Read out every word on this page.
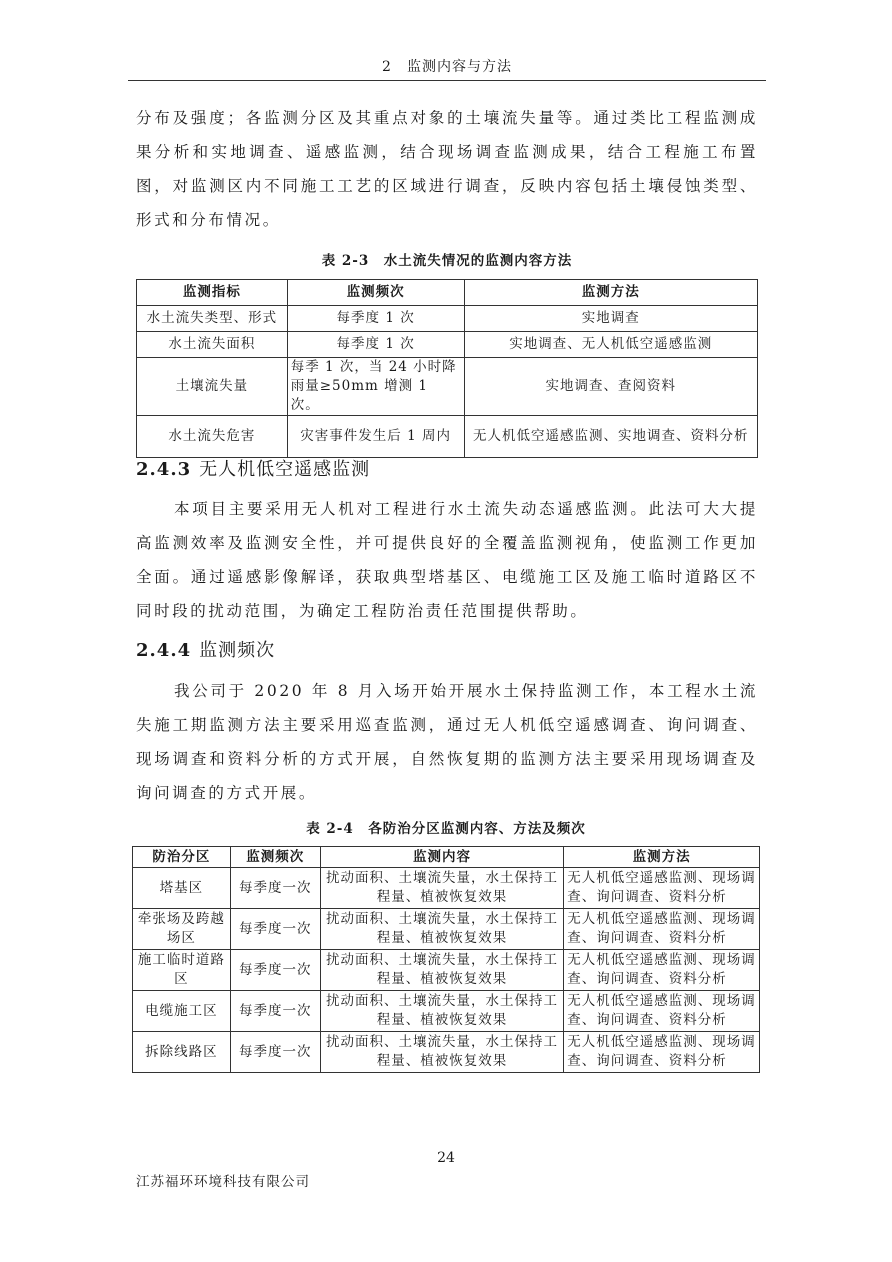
2　监测内容与方法

分布及强度；各监测分区及其重点对象的土壤流失量等。通过类比工程监测成果分析和实地调查、遥感监测，结合现场调查监测成果，结合工程施工布置图，对监测区内不同施工工艺的区域进行调查，反映内容包括土壤侵蚀类型、形式和分布情况。

表 2-3　水土流失情况的监测内容方法
监测指标	监测频次	监测方法
水土流失类型、形式	每季度 1 次	实地调查
水土流失面积	每季度 1 次	实地调查、无人机低空遥感监测
土壤流失量	每季 1 次，当 24 小时降雨量≥50mm 增测 1 次。	实地调查、查阅资料
水土流失危害	灾害事件发生后 1 周内	无人机低空遥感监测、实地调查、资料分析
2.4.3 无人机低空遥感监测

本项目主要采用无人机对工程进行水土流失动态遥感监测。此法可大大提高监测效率及监测安全性，并可提供良好的全覆盖监测视角，使监测工作更加全面。通过遥感影像解译，获取典型塔基区、电缆施工区及施工临时道路区不同时段的扰动范围，为确定工程防治责任范围提供帮助。

2.4.4 监测频次

我公司于 2020 年 8 月入场开始开展水土保持监测工作，本工程水土流失施工期监测方法主要采用巡查监测，通过无人机低空遥感调查、询问调查、现场调查和资料分析的方式开展，自然恢复期的监测方法主要采用现场调查及询问调查的方式开展。

表 2-4　各防治分区监测内容、方法及频次
防治分区	监测频次	监测内容	监测方法
塔基区	每季度一次	扰动面积、土壤流失量，水土保持工程量、植被恢复效果	无人机低空遥感监测、现场调查、询问调查、资料分析
牵张场及跨越场区	每季度一次	扰动面积、土壤流失量，水土保持工程量、植被恢复效果	无人机低空遥感监测、现场调查、询问调查、资料分析
施工临时道路区	每季度一次	扰动面积、土壤流失量，水土保持工程量、植被恢复效果	无人机低空遥感监测、现场调查、询问调查、资料分析
电缆施工区	每季度一次	扰动面积、土壤流失量，水土保持工程量、植被恢复效果	无人机低空遥感监测、现场调查、询问调查、资料分析
拆除线路区	每季度一次	扰动面积、土壤流失量，水土保持工程量、植被恢复效果	无人机低空遥感监测、现场调查、询问调查、资料分析
24
江苏福环环境科技有限公司
